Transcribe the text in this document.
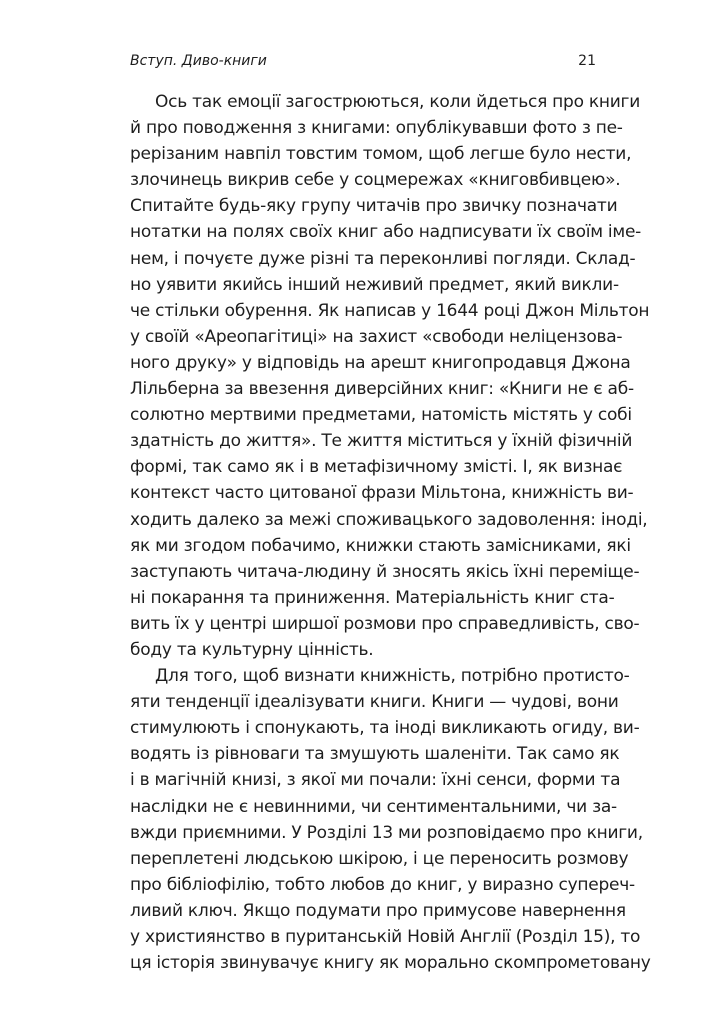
Вступ. Диво-книги	21

Ось так емоції загострюються, коли йдеться про книги
й про поводження з книгами: опублікувавши фото з пе-
рерізаним навпіл товстим томом, щоб легше було нести,
злочинець викрив себе у соцмережах «книговбивцею».
Спитайте будь-яку групу читачів про звичку позначати
нотатки на полях своїх книг або надписувати їх своїм іме-
нем, і почуєте дуже різні та переконливі погляди. Склад-
но уявити якийсь інший неживий предмет, який викли-
че стільки обурення. Як написав у 1644 році Джон Мільтон
у своїй «Ареопагітиці» на захист «свободи неліцензова-
ного друку» у відповідь на арешт книгопродавця Джона
Лільберна за ввезення диверсійних книг: «Книги не є аб-
солютно мертвими предметами, натомість містять у собі
здатність до життя». Те життя міститься у їхній фізичній
формі, так само як і в метафізичному змісті. І, як визнає
контекст часто цитованої фрази Мільтона, книжність ви-
ходить далеко за межі споживацького задоволення: іноді,
як ми згодом побачимо, книжки стають замісниками, які
заступають читача-людину й зносять якісь їхні переміще-
ні покарання та приниження. Матеріальність книг ста-
вить їх у центрі ширшої розмови про справедливість, сво-
боду та культурну цінність.
Для того, щоб визнати книжність, потрібно протисто-
яти тенденції ідеалізувати книги. Книги — чудові, вони
стимулюють і спонукають, та іноді викликають огиду, ви-
водять із рівноваги та змушують шаленіти. Так само як
і в магічній книзі, з якої ми почали: їхні сенси, форми та
наслідки не є невинними, чи сентиментальними, чи за-
вжди приємними. У Розділі 13 ми розповідаємо про книги,
переплетені людською шкірою, і це переносить розмову
про бібліофілію, тобто любов до книг, у виразно супереч-
ливий ключ. Якщо подумати про примусове навернення
у християнство в пуританській Новій Англії (Розділ 15), то
ця історія звинувачує книгу як морально скомпрометовану
